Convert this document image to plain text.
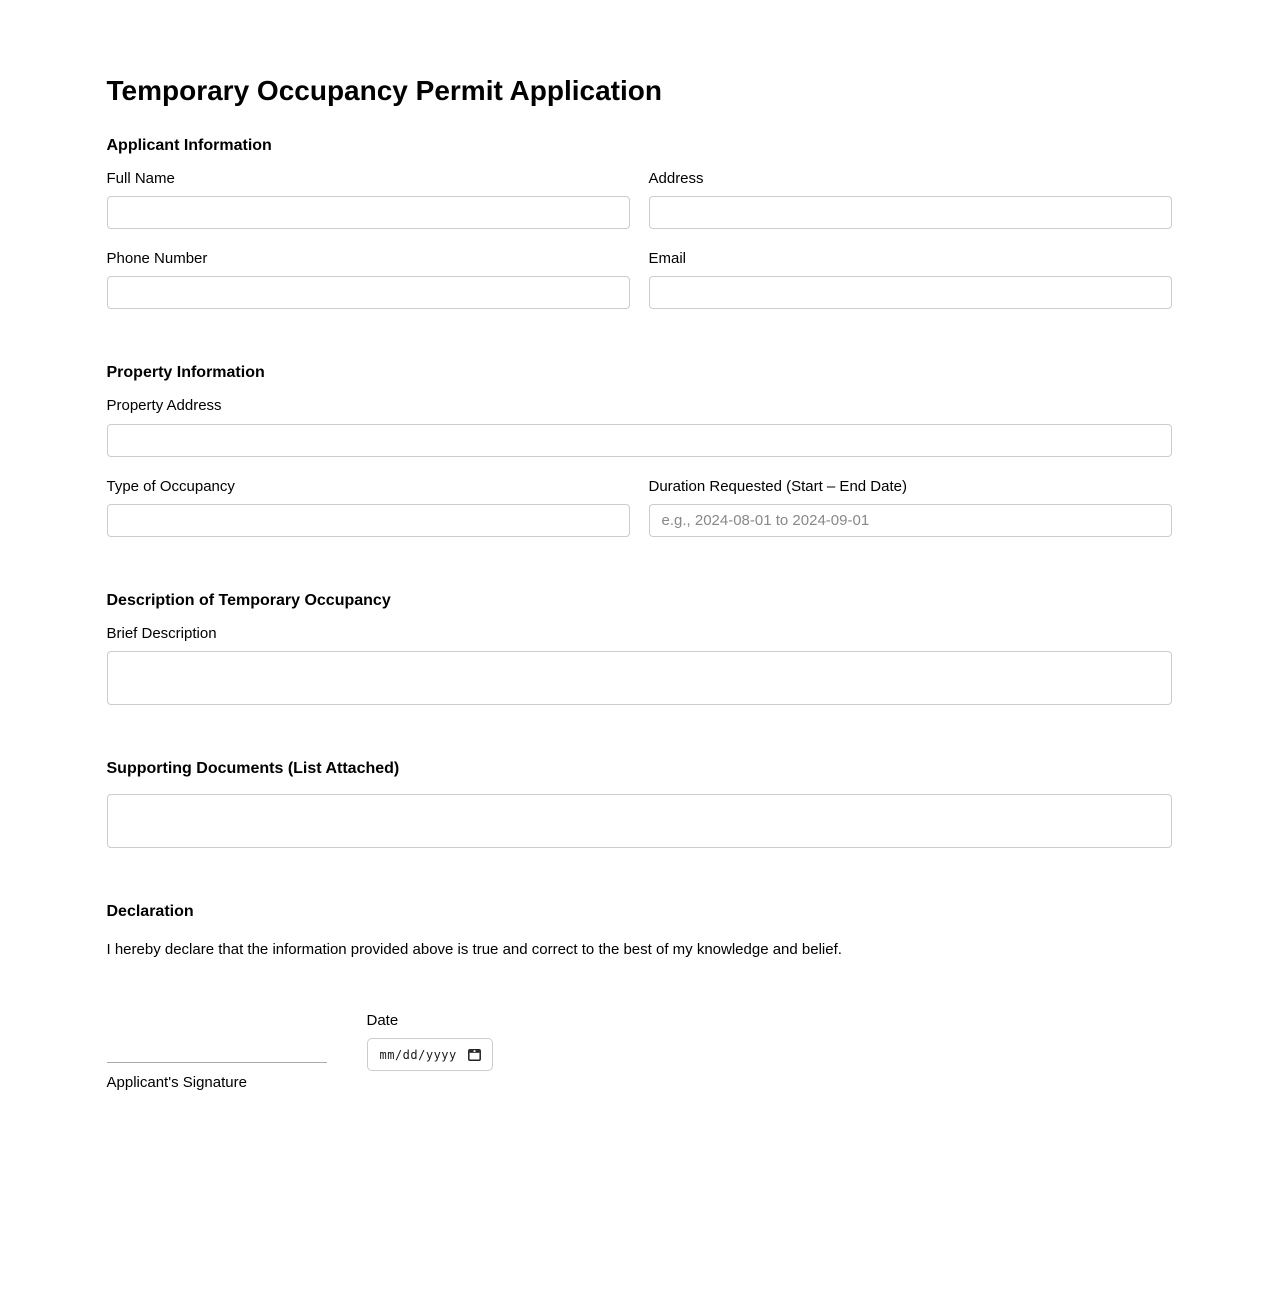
Temporary Occupancy Permit Application
Applicant Information
Full Name	Address
Phone Number	Email
Property Information
Property Address
Type of Occupancy	Duration Requested (Start – End Date)
e.g., 2024-08-01 to 2024-09-01
Description of Temporary Occupancy
Brief Description
Supporting Documents (List Attached)
Declaration

I hereby declare that the information provided above is true and correct to the best of my knowledge and belief.

Applicant's Signature
Date
mm/dd/yyyy
